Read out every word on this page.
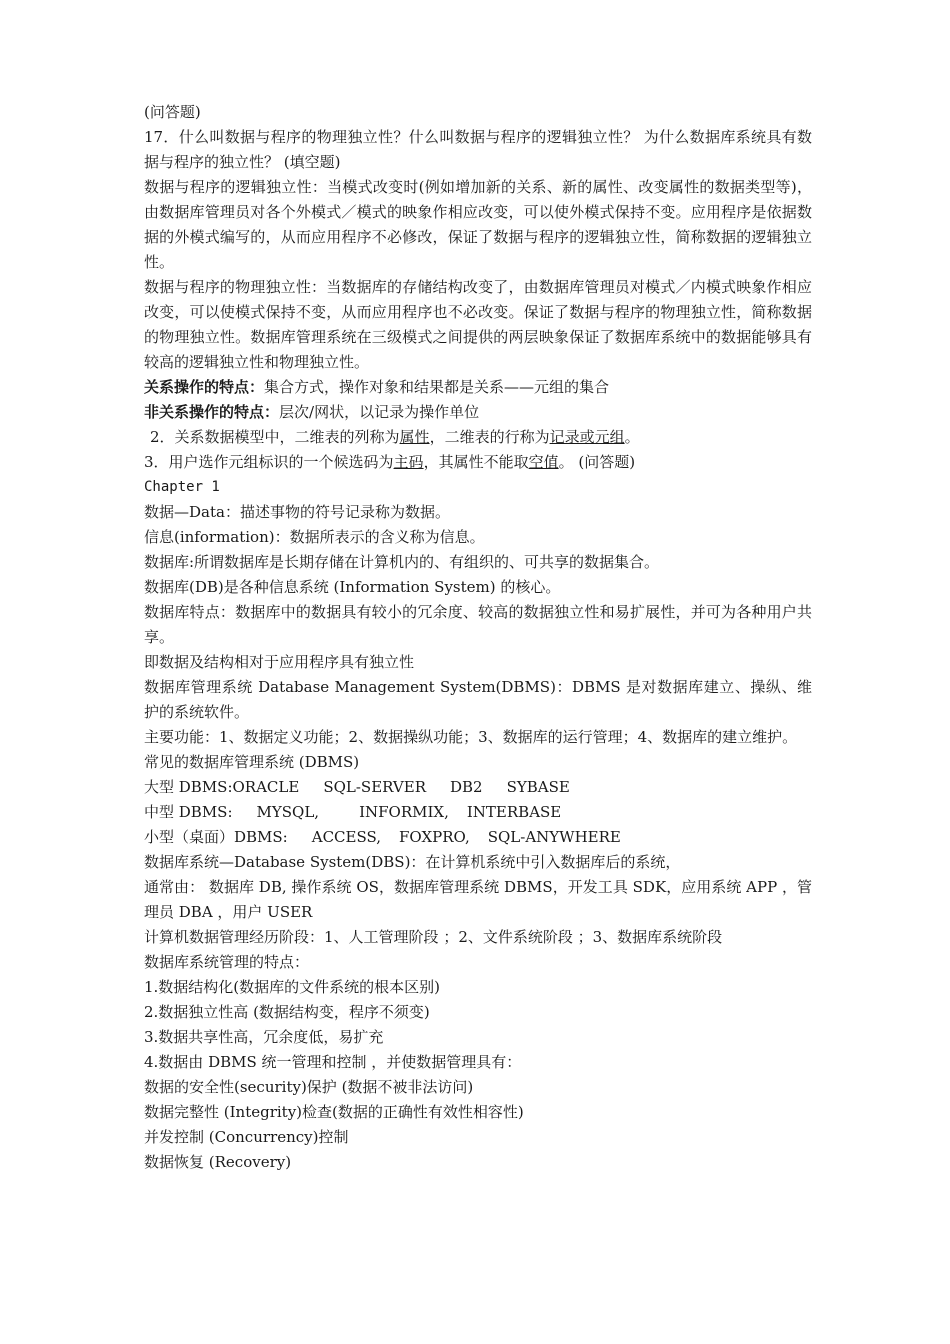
(问答题)

17．什么叫数据与程序的物理独立性？什么叫数据与程序的逻辑独立性？ 为什么数据库系统具有数据与程序的独立性？ (填空题)

数据与程序的逻辑独立性：当模式改变时(例如增加新的关系、新的属性、改变属性的数据类型等)，由数据库管理员对各个外模式／模式的映象作相应改变，可以使外模式保持不变。应用程序是依据数据的外模式编写的，从而应用程序不必修改，保证了数据与程序的逻辑独立性，简称数据的逻辑独立性。

数据与程序的物理独立性：当数据库的存储结构改变了，由数据库管理员对模式／内模式映象作相应改变，可以使模式保持不变，从而应用程序也不必改变。保证了数据与程序的物理独立性，简称数据的物理独立性。数据库管理系统在三级模式之间提供的两层映象保证了数据库系统中的数据能够具有较高的逻辑独立性和物理独立性。

关系操作的特点：集合方式，操作对象和结果都是关系——元组的集合

非关系操作的特点：层次/网状，以记录为操作单位

2．关系数据模型中，二维表的列称为属性，二维表的行称为记录或元组。

3．用户选作元组标识的一个候选码为主码，其属性不能取空值。 (问答题)

Chapter 1

数据—Data：描述事物的符号记录称为数据。

信息(information)：数据所表示的含义称为信息。

数据库:所谓数据库是长期存储在计算机内的、有组织的、可共享的数据集合。

数据库(DB)是各种信息系统 (Information System) 的核心。

数据库特点：数据库中的数据具有较小的冗余度、较高的数据独立性和易扩展性，并可为各种用户共享。

即数据及结构相对于应用程序具有独立性

数据库管理系统 Database Management System(DBMS)：DBMS 是对数据库建立、操纵、维护的系统软件。

主要功能：1、数据定义功能；2、数据操纵功能；3、数据库的运行管理；4、数据库的建立维护。

常见的数据库管理系统 (DBMS)

大型 DBMS:ORACLE SQL-SERVER DB2 SYBASE

中型 DBMS: MYSQL,	INFORMIX, INTERBASE

小型（桌面）DBMS: ACCESS, FOXPRO, SQL-ANYWHERE

数据库系统—Database System(DBS)：在计算机系统中引入数据库后的系统，

通常由： 数据库 DB, 操作系统 OS，数据库管理系统 DBMS，开发工具 SDK，应用系统 APP ，管理员 DBA ，用户 USER

计算机数据管理经历阶段：1、人工管理阶段 ；2、文件系统阶段 ；3、数据库系统阶段

数据库系统管理的特点：

1.数据结构化(数据库的文件系统的根本区别)

2.数据独立性高 (数据结构变，程序不须变)

3.数据共享性高，冗余度低，易扩充

4.数据由 DBMS 统一管理和控制 ，并使数据管理具有：

数据的安全性(security)保护 (数据不被非法访问)

数据完整性 (Integrity)检查(数据的正确性有效性相容性)

并发控制 (Concurrency)控制

数据恢复 (Recovery)
